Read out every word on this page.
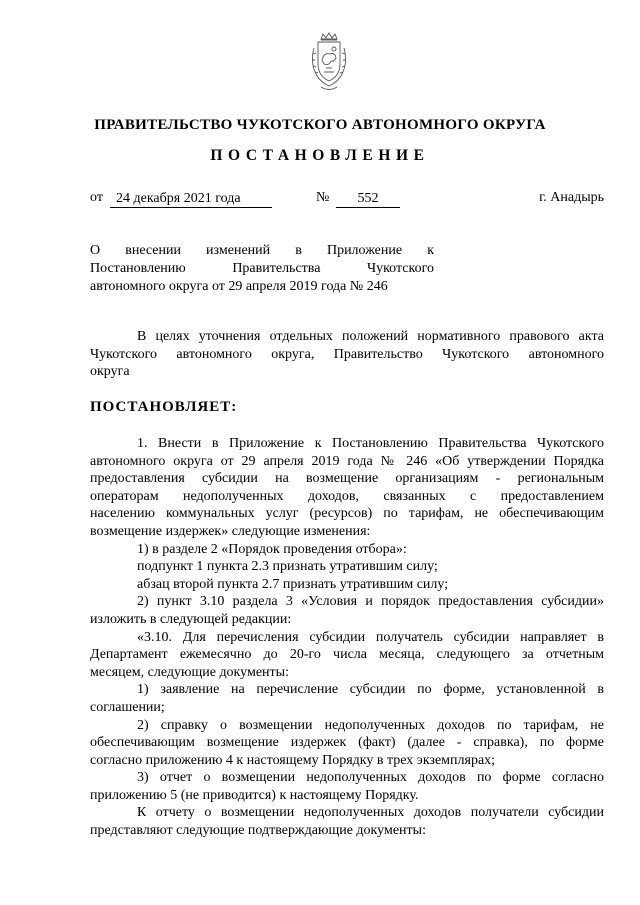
ПРАВИТЕЛЬСТВО ЧУКОТСКОГО АВТОНОМНОГО ОКРУГА
ПОСТАНОВЛЕНИЕ
от 24 декабря 2021 года	№	552	г. Анадырь
О внесении изменений в Приложение к
Постановлению Правительства Чукотского
автономного округа от 29 апреля 2019 года № 246
В целях уточнения отдельных положений нормативного правового акта
Чукотского автономного округа, Правительство Чукотского автономного
округа
ПОСТАНОВЛЯЕТ:
1. Внести в Приложение к Постановлению Правительства Чукотского
автономного округа от 29 апреля 2019 года № 246 «Об утверждении Порядка
предоставления субсидии на возмещение организациям - региональным
операторам недополученных доходов, связанных с предоставлением
населению коммунальных услуг (ресурсов) по тарифам, не обеспечивающим
возмещение издержек» следующие изменения:
1) в разделе 2 «Порядок проведения отбора»:
подпункт 1 пункта 2.3 признать утратившим силу;
абзац второй пункта 2.7 признать утратившим силу;
2) пункт 3.10 раздела 3 «Условия и порядок предоставления субсидии»
изложить в следующей редакции:
«3.10. Для перечисления субсидии получатель субсидии направляет в
Департамент ежемесячно до 20-го числа месяца, следующего за отчетным
месяцем, следующие документы:
1) заявление на перечисление субсидии по форме, установленной в
соглашении;
2) справку о возмещении недополученных доходов по тарифам, не
обеспечивающим возмещение издержек (факт) (далее - справка), по форме
согласно приложению 4 к настоящему Порядку в трех экземплярах;
3) отчет о возмещении недополученных доходов по форме согласно
приложению 5 (не приводится) к настоящему Порядку.
К отчету о возмещении недополученных доходов получатели субсидии
представляют следующие подтверждающие документы:
